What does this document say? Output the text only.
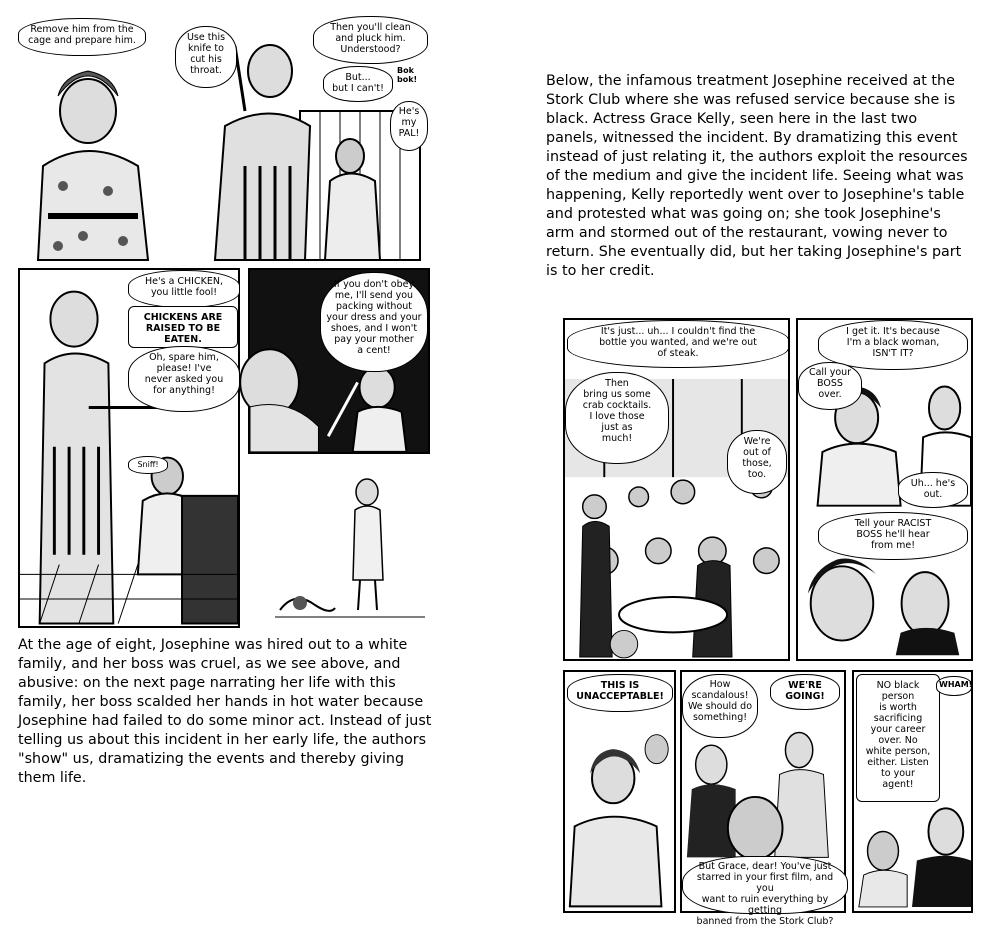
Remove him from the
cage and prepare him.	Use this
knife to
cut his
throat.
Then you'll clean
and pluck him.
Understood?
But...
but I can't!
Bok
bok!
He's
my
PAL!
He's a CHICKEN,
you little fool!
CHICKENS ARE
RAISED TO BE
EATEN.
Oh, spare him,
please! I've
never asked you
for anything!
Sniff!
If you don't obey
me, I'll send you
packing without
your dress and your
shoes, and I won't
pay your mother
a cent!
At the age of eight, Josephine was hired out to a white family, and her boss was cruel, as we see above, and abusive: on the next page narrating her life with this family, her boss scalded her hands in hot water because Josephine had failed to do some minor act. Instead of just telling us about this incident in her early life, the authors "show" us, dramatizing the events and thereby giving them life.
Below, the infamous treatment Josephine received at the Stork Club where she was refused service because she is black. Actress Grace Kelly, seen here in the last two panels, witnessed the incident. By dramatizing this event instead of just relating it, the authors exploit the resources of the medium and give the incident life. Seeing what was happening, Kelly reportedly went over to Josephine's table and protested what was going on; she took Josephine's arm and stormed out of the restaurant, vowing never to return. She eventually did, but her taking Josephine's part is to her credit.
It's just... uh... I couldn't find the
bottle you wanted, and we're out
of steak.
Then
bring us some
crab cocktails.
I love those
just as
much!	We're
out of
those,
too.
I get it. It's because
I'm a black woman,
ISN'T IT?
Call your
BOSS
over.
Uh... he's
out.
Tell your RACIST
BOSS he'll hear
from me!
THIS IS
UNACCEPTABLE!
How
scandalous!
We should do
something!
WE'RE
GOING!
But Grace, dear! You've just
starred in your first film, and you
want to ruin everything by getting
banned from the Stork Club?
NO black
person
is worth
sacrificing
your career
over. No
white person,
either. Listen
to your
agent!
WHAM!
